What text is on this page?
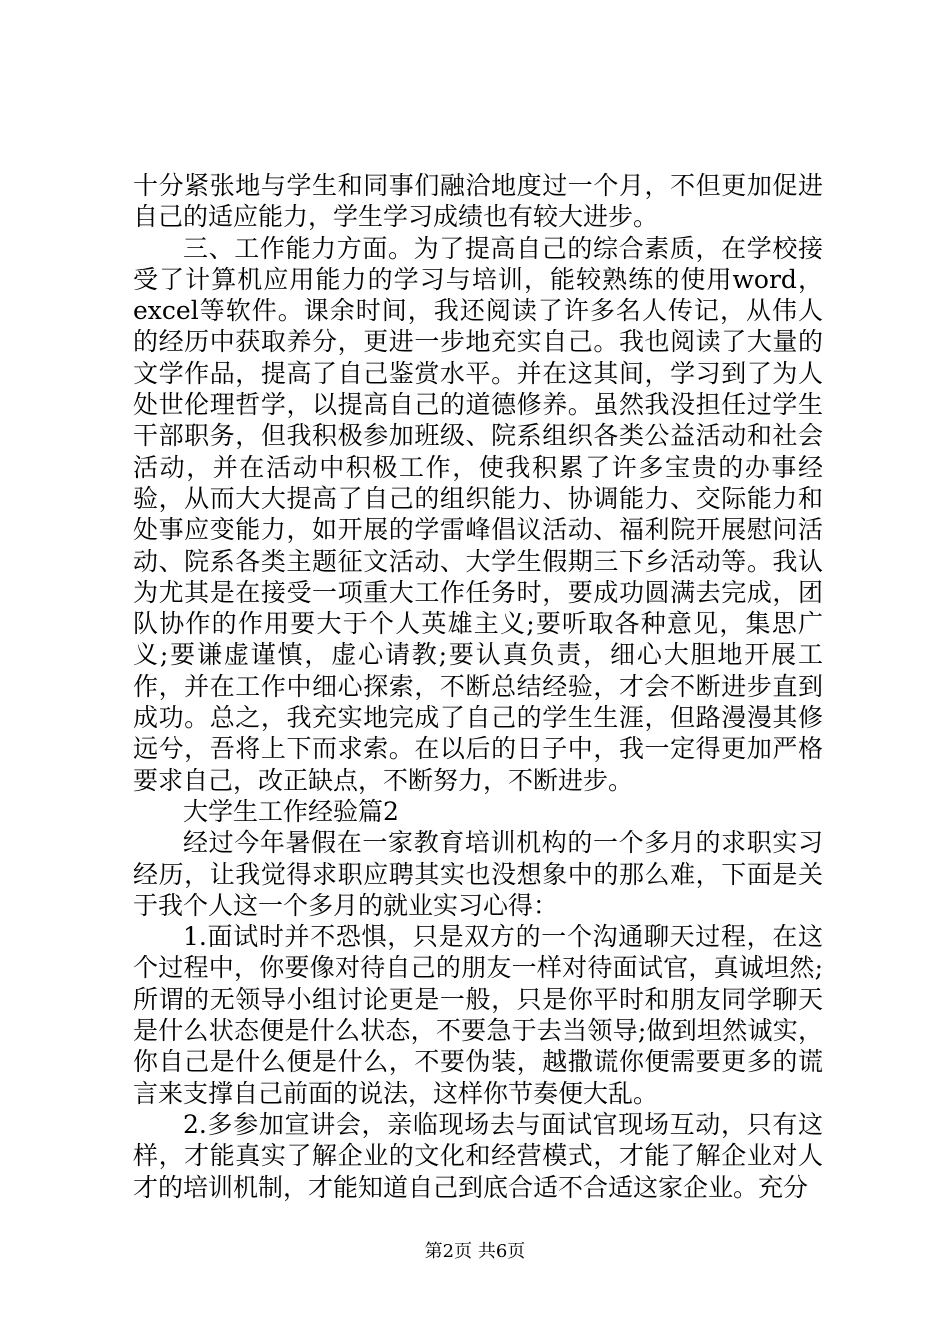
十分紧张地与学生和同事们融洽地度过一个月，不但更加促进自己的适应能力，学生学习成绩也有较大进步。

三、工作能力方面。为了提高自己的综合素质，在学校接受了计算机应用能力的学习与培训，能较熟练的使用word，excel等软件。课余时间，我还阅读了许多名人传记，从伟人的经历中获取养分，更进一步地充实自己。我也阅读了大量的文学作品，提高了自己鉴赏水平。并在这其间，学习到了为人处世伦理哲学，以提高自己的道德修养。虽然我没担任过学生干部职务，但我积极参加班级、院系组织各类公益活动和社会活动，并在活动中积极工作，使我积累了许多宝贵的办事经验，从而大大提高了自己的组织能力、协调能力、交际能力和处事应变能力，如开展的学雷峰倡议活动、福利院开展慰问活动、院系各类主题征文活动、大学生假期三下乡活动等。我认为尤其是在接受一项重大工作任务时，要成功圆满去完成，团队协作的作用要大于个人英雄主义;要听取各种意见，集思广义;要谦虚谨慎，虚心请教;要认真负责，细心大胆地开展工作，并在工作中细心探索，不断总结经验，才会不断进步直到成功。总之，我充实地完成了自己的学生生涯，但路漫漫其修远兮，吾将上下而求索。在以后的日子中，我一定得更加严格要求自己，改正缺点，不断努力，不断进步。

大学生工作经验篇2

经过今年暑假在一家教育培训机构的一个多月的求职实习经历，让我觉得求职应聘其实也没想象中的那么难，下面是关于我个人这一个多月的就业实习心得：

1.面试时并不恐惧，只是双方的一个沟通聊天过程，在这个过程中，你要像对待自己的朋友一样对待面试官，真诚坦然;所谓的无领导小组讨论更是一般，只是你平时和朋友同学聊天是什么状态便是什么状态，不要急于去当领导;做到坦然诚实，你自己是什么便是什么，不要伪装，越撒谎你便需要更多的谎言来支撑自己前面的说法，这样你节奏便大乱。

2.多参加宣讲会，亲临现场去与面试官现场互动，只有这样，才能真实了解企业的文化和经营模式，才能了解企业对人才的培训机制，才能知道自己到底合适不合适这家企业。充分

第2页 共6页
